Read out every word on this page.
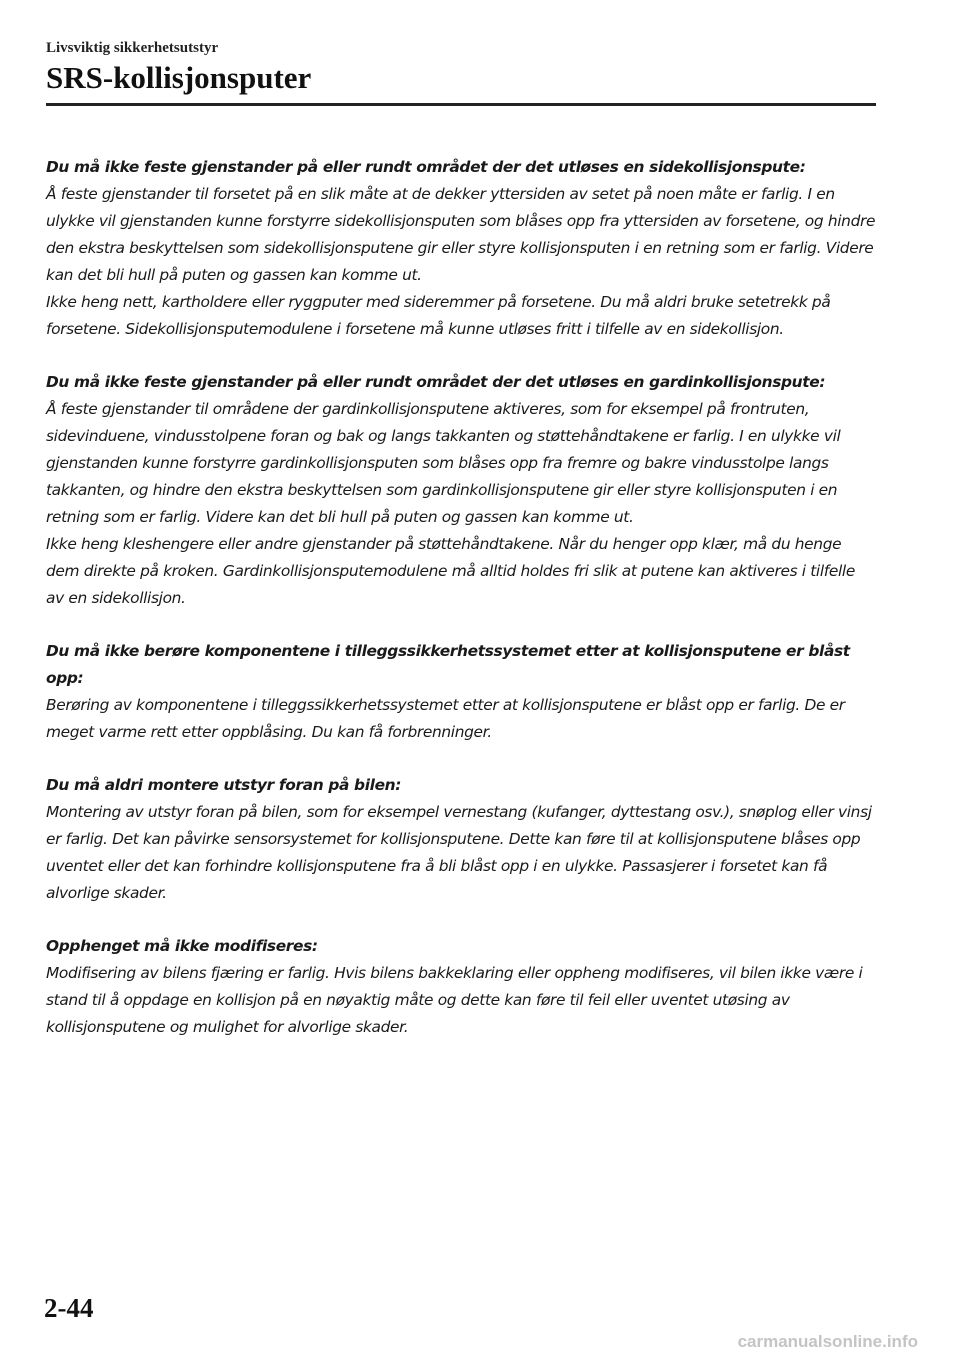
Livsviktig sikkerhetsutstyr
SRS-kollisjonsputer
Du må ikke feste gjenstander på eller rundt området der det utløses en sidekollisjonspute:

Å feste gjenstander til forsetet på en slik måte at de dekker yttersiden av setet på noen måte er farlig. I en ulykke vil gjenstanden kunne forstyrre sidekollisjonsputen som blåses opp fra yttersiden av forsetene, og hindre den ekstra beskyttelsen som sidekollisjonsputene gir eller styre kollisjonsputen i en retning som er farlig. Videre kan det bli hull på puten og gassen kan komme ut.

Ikke heng nett, kartholdere eller ryggputer med sideremmer på forsetene. Du må aldri bruke setetrekk på forsetene. Sidekollisjonsputemodulene i forsetene må kunne utløses fritt i tilfelle av en sidekollisjon.

Du må ikke feste gjenstander på eller rundt området der det utløses en gardinkollisjonspute:

Å feste gjenstander til områdene der gardinkollisjonsputene aktiveres, som for eksempel på frontruten, sidevinduene, vindusstolpene foran og bak og langs takkanten og støttehåndtakene er farlig. I en ulykke vil gjenstanden kunne forstyrre gardinkollisjonsputen som blåses opp fra fremre og bakre vindusstolpe langs takkanten, og hindre den ekstra beskyttelsen som gardinkollisjonsputene gir eller styre kollisjonsputen i en retning som er farlig. Videre kan det bli hull på puten og gassen kan komme ut.

Ikke heng kleshengere eller andre gjenstander på støttehåndtakene. Når du henger opp klær, må du henge dem direkte på kroken. Gardinkollisjonsputemodulene må alltid holdes fri slik at putene kan aktiveres i tilfelle av en sidekollisjon.

Du må ikke berøre komponentene i tilleggssikkerhetssystemet etter at kollisjonsputene er blåst opp:

Berøring av komponentene i tilleggssikkerhetssystemet etter at kollisjonsputene er blåst opp er farlig. De er meget varme rett etter oppblåsing. Du kan få forbrenninger.

Du må aldri montere utstyr foran på bilen:

Montering av utstyr foran på bilen, som for eksempel vernestang (kufanger, dyttestang osv.), snøplog eller vinsj er farlig. Det kan påvirke sensorsystemet for kollisjonsputene. Dette kan føre til at kollisjonsputene blåses opp uventet eller det kan forhindre kollisjonsputene fra å bli blåst opp i en ulykke. Passasjerer i forsetet kan få alvorlige skader.

Opphenget må ikke modifiseres:

Modifisering av bilens fjæring er farlig. Hvis bilens bakkeklaring eller oppheng modifiseres, vil bilen ikke være i stand til å oppdage en kollisjon på en nøyaktig måte og dette kan føre til feil eller uventet utøsing av kollisjonsputene og mulighet for alvorlige skader.

2-44
carmanualsonline.info
